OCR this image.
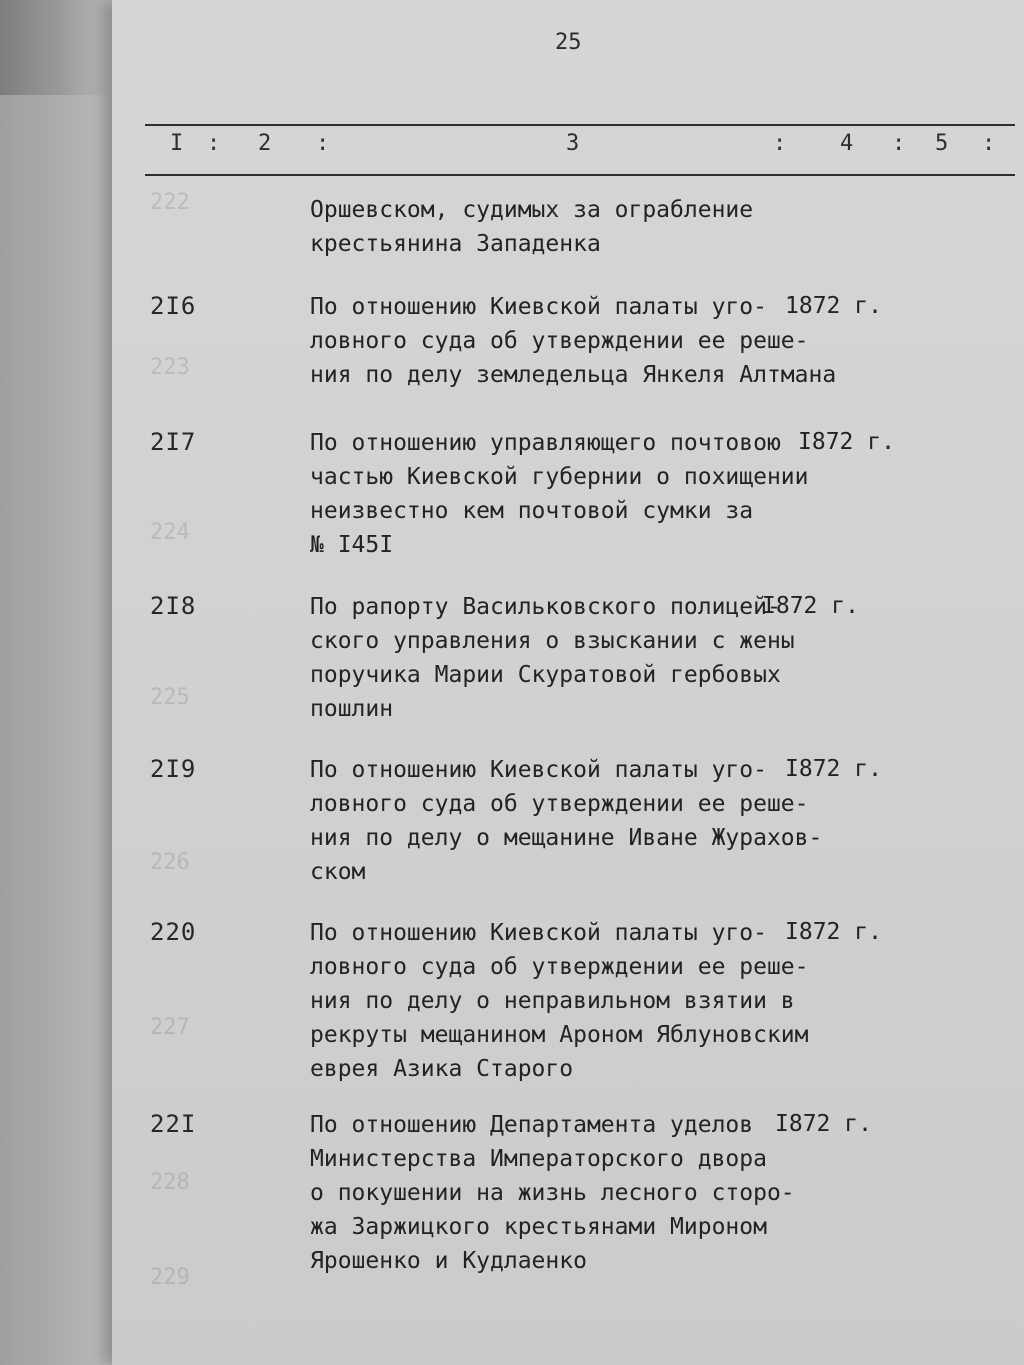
222
223
224
225
226
227
228
229
25
I : 2 :	3	: 4 : 5 :
Оршевском, судимых за ограбление
крестьянина Западенка
2I6	По отношению Киевской палаты уго-
ловного суда об утверждении ее реше-
ния по делу земледельца Янкеля Алтмана
1872 г.
2I7	По отношению управляющего почтовою
частью Киевской губернии о похищении
неизвестно кем почтовой сумки за
№ I45I
I872 г.
2I8	По рапорту Васильковского полицей-
ского управления о взыскании с жены
поручика Марии Скуратовой гербовых
пошлин
I872 г.
2I9	По отношению Киевской палаты уго-
ловного суда об утверждении ее реше-
ния по делу о мещанине Иване Журахов-
ском
I872 г.
220	По отношению Киевской палаты уго-
ловного суда об утверждении ее реше-
ния по делу о неправильном взятии в
рекруты мещанином Ароном Яблуновским
еврея Азика Старого
I872 г.
22I	По отношению Департамента уделов
Министерства Императорского двора
о покушении на жизнь лесного сторо-
жа Заржицкого крестьянами Мироном
Ярошенко и Кудлаенко
I872 г.
